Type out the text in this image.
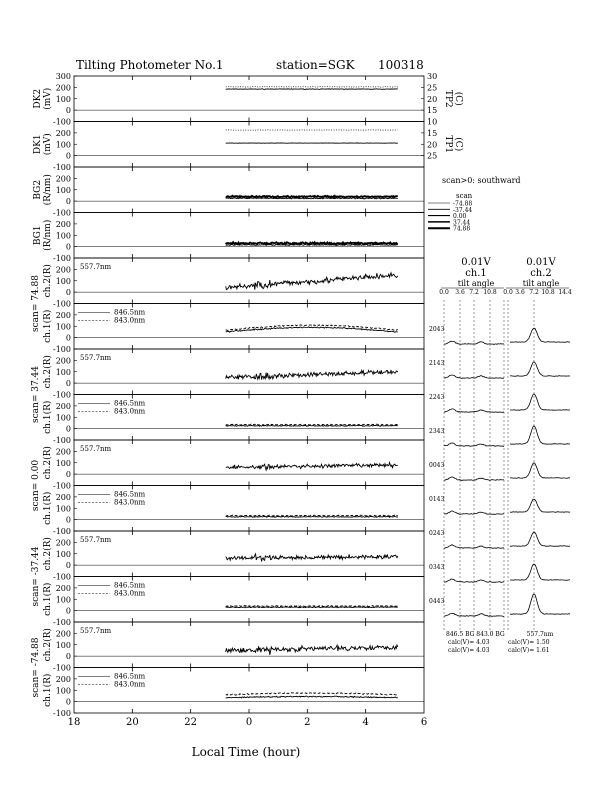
Tilting Photometer No.1	station=SGK 100318
300
200
100
0
-100
DK2 (mV)
30
25
20
15
TP2 (C)
200
100
0
-100
DK1 (mV)
10
15
20
25
TP1 (C)
200
100
0
-100
BG2 (R/nm)
200
100
0
-100
BG1 (R/nm)
200
100
0
-100
ch.2(R)
scan= 74.88
557.7nm
200
100
0
-100
ch.1(R)	846.5nm
843.0nm
200
100
0
-100
ch.2(R)
scan= 37.44
557.7nm
200
100
0
-100
ch.1(R)	846.5nm
843.0nm
200
100
0
-100
ch.2(R)
scan= 0.00
557.7nm
200
100
0
-100
ch.1(R)	846.5nm
843.0nm
200
100
0
-100
ch.2(R)
scan= -37.44
557.7nm
200
100
0
-100
ch.1(R)	846.5nm
843.0nm
200
100
0
-100
ch.2(R)
scan= -74.88
557.7nm
200
100
0
-100
ch.1(R)	846.5nm
843.0nm
18	20	22	0	2	4	6
Local Time (hour)
scan>0: southward
scan
-74.88
-37.44
0.00
37.44
74.88
0.01V
ch.1
tilt angle
0.01V
ch.2
tilt angle
0.0 3.6 7.2 10.8 0.0 3.6 7.2 10.8 14.4
2043
2143
2243
2343
0043
0143
0243
0343
0443
846.5 BG 843.0 BG	557.7nm
calc(V)= 4.03
calc(V)= 4.03
calc(V)= 1.50
calc(V)= 1.61
